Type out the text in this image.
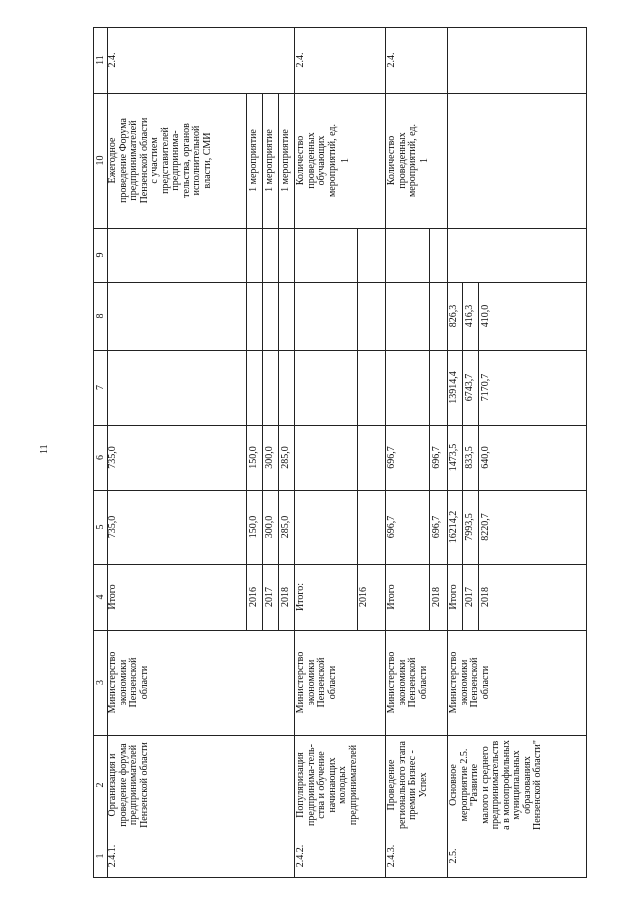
11
1
2
3
4
5
6
7
8
9
10
11
2.4.1.
Организация и
проведение форума
предпринимателей
Пензенской области
Министерство
экономики
Пензенской
области
Итого
735,0
735,0
Ежегодное
проведение Форума
предпринимателей
Пензенской области
с участием
представителей
предпринима-
тельства, органов
исполнительной
власти, СМИ
2.4.
2016
150,0
150,0
1 мероприятие
2017
300,0
300,0
1 мероприятие
2018
285,0
285,0
1 мероприятие
2.4.2.
Популяризация
предпринима-тель-
ства и обучение
начинающих
молодых
предпринимателей
Министерство
экономики
Пензенской
области
Итого:
Количество
проведенных
обучающих
мероприятий, ед.
1
2.4.
2016
2.4.3.
Проведение
регионального этапа
премии Бизнес -
Успех
Министерство
экономики
Пензенской
области
Итого
696,7
696,7
Количество
проведенных
мероприятий, ед.
1
2.4.
2018
696,7
696,7
2.5.
Основное
мероприятие 2.5.
"Развитие
малого и среднего
предпринимательств
а в монопрофильных
муниципальных
образованиях
Пензенской области"
Министерство
экономики
Пензенской
области
Итого
16214,2
1473,5
13914,4
826,3
2017
7993,5
833,5
6743,7
416,3
2018
8220,7
640,0
7170,7
410,0
